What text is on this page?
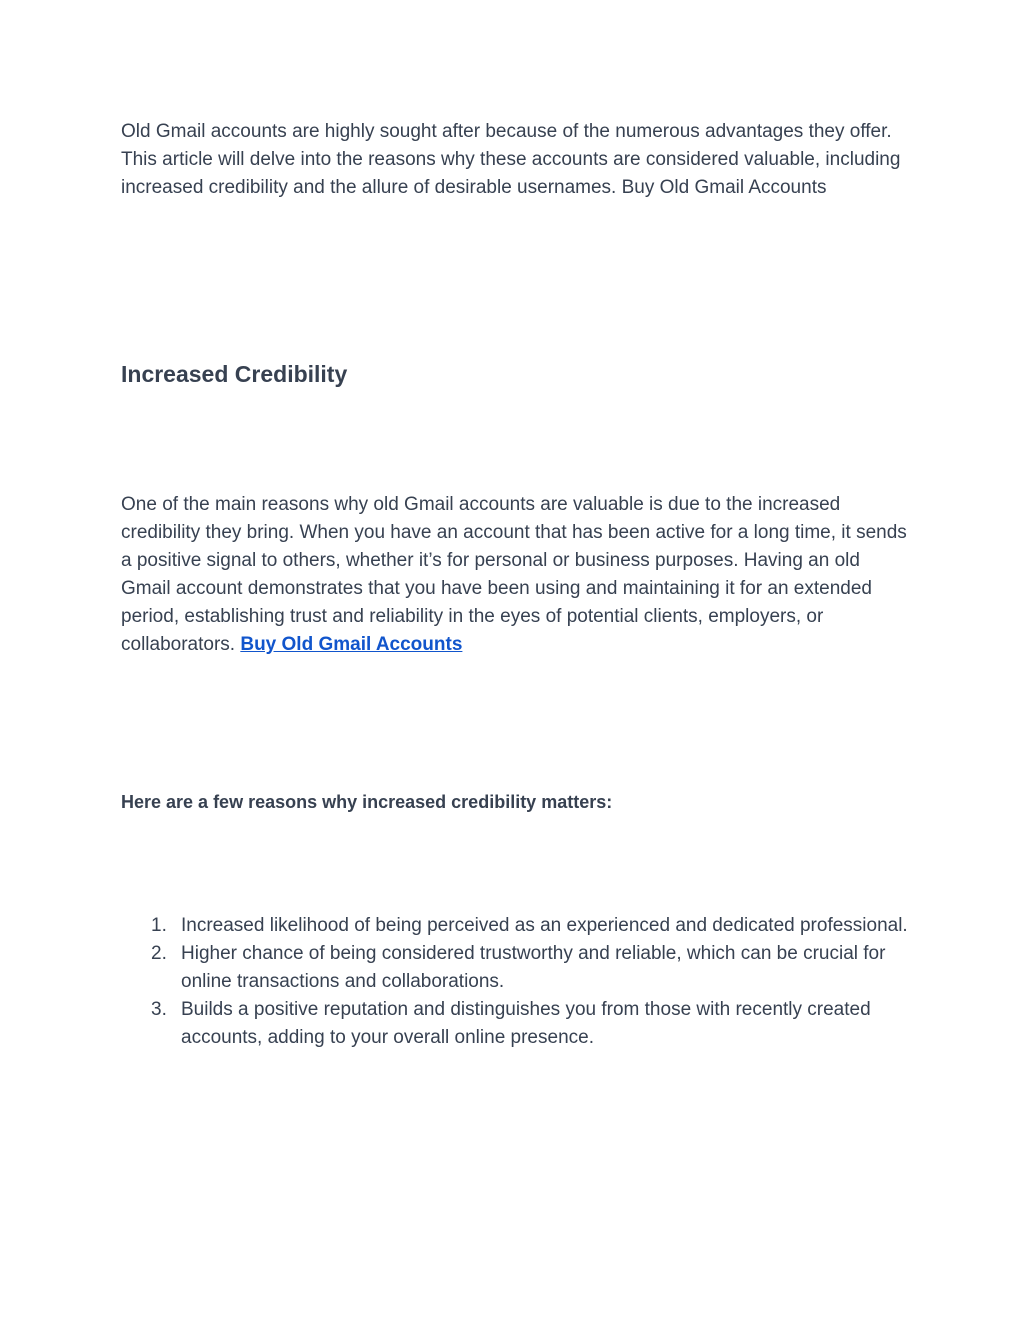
Old Gmail accounts are highly sought after because of the numerous advantages they offer. This article will delve into the reasons why these accounts are considered valuable, including increased credibility and the allure of desirable usernames. Buy Old Gmail Accounts

Increased Credibility

One of the main reasons why old Gmail accounts are valuable is due to the increased credibility they bring. When you have an account that has been active for a long time, it sends a positive signal to others, whether it’s for personal or business purposes. Having an old Gmail account demonstrates that you have been using and maintaining it for an extended period, establishing trust and reliability in the eyes of potential clients, employers, or collaborators. Buy Old Gmail Accounts

Here are a few reasons why increased credibility matters:

1. Increased likelihood of being perceived as an experienced and dedicated professional.
2. Higher chance of being considered trustworthy and reliable, which can be crucial for online transactions and collaborations.
3. Builds a positive reputation and distinguishes you from those with recently created accounts, adding to your overall online presence.
